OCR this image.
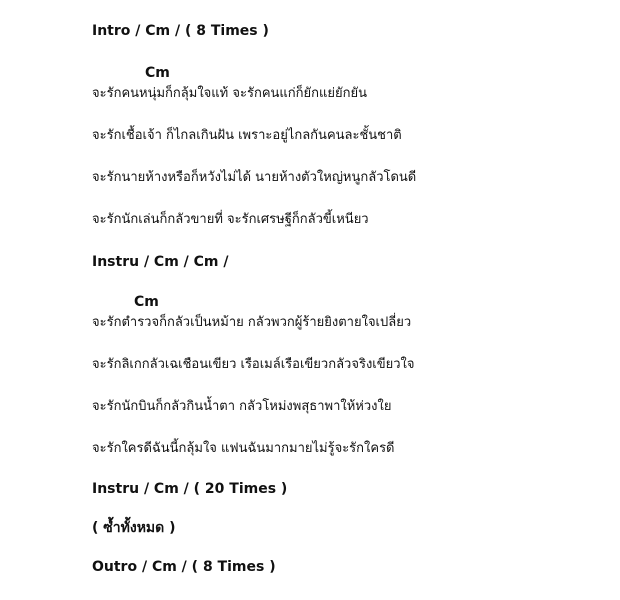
Intro / Cm / ( 8 Times )
Cm
จะรักคนหนุ่มก็กลุ้มใจแท้ จะรักคนแก่ก็ยักแย่ยักยัน
จะรักเชื้อเจ้า ก็ไกลเกินฝัน เพราะอยู่ไกลกันคนละชั้นชาติ
จะรักนายห้างหรือก็หวังไม่ได้ นายห้างตัวใหญ่หนูกลัวโดนดี
จะรักนักเล่นก็กลัวขายที่ จะรักเศรษฐีก็กลัวขี้เหนียว
Instru / Cm / Cm /
Cm
จะรักตำรวจก็กลัวเป็นหม้าย กลัวพวกผู้ร้ายยิงตายใจเปลี่ยว
จะรักลิเกกลัวเฉเชือนเขียว เรือเมล์เรือเขียวกลัวจริงเขียวใจ
จะรักนักบินก็กลัวกินน้ำตา กลัวโหม่งพสุธาพาให้ห่วงใย
จะรักใครดีฉันนี้กลุ้มใจ แฟนฉันมากมายไม่รู้จะรักใครดี
Instru / Cm / ( 20 Times )
( ซ้ำทั้งหมด )
Outro / Cm / ( 8 Times )
